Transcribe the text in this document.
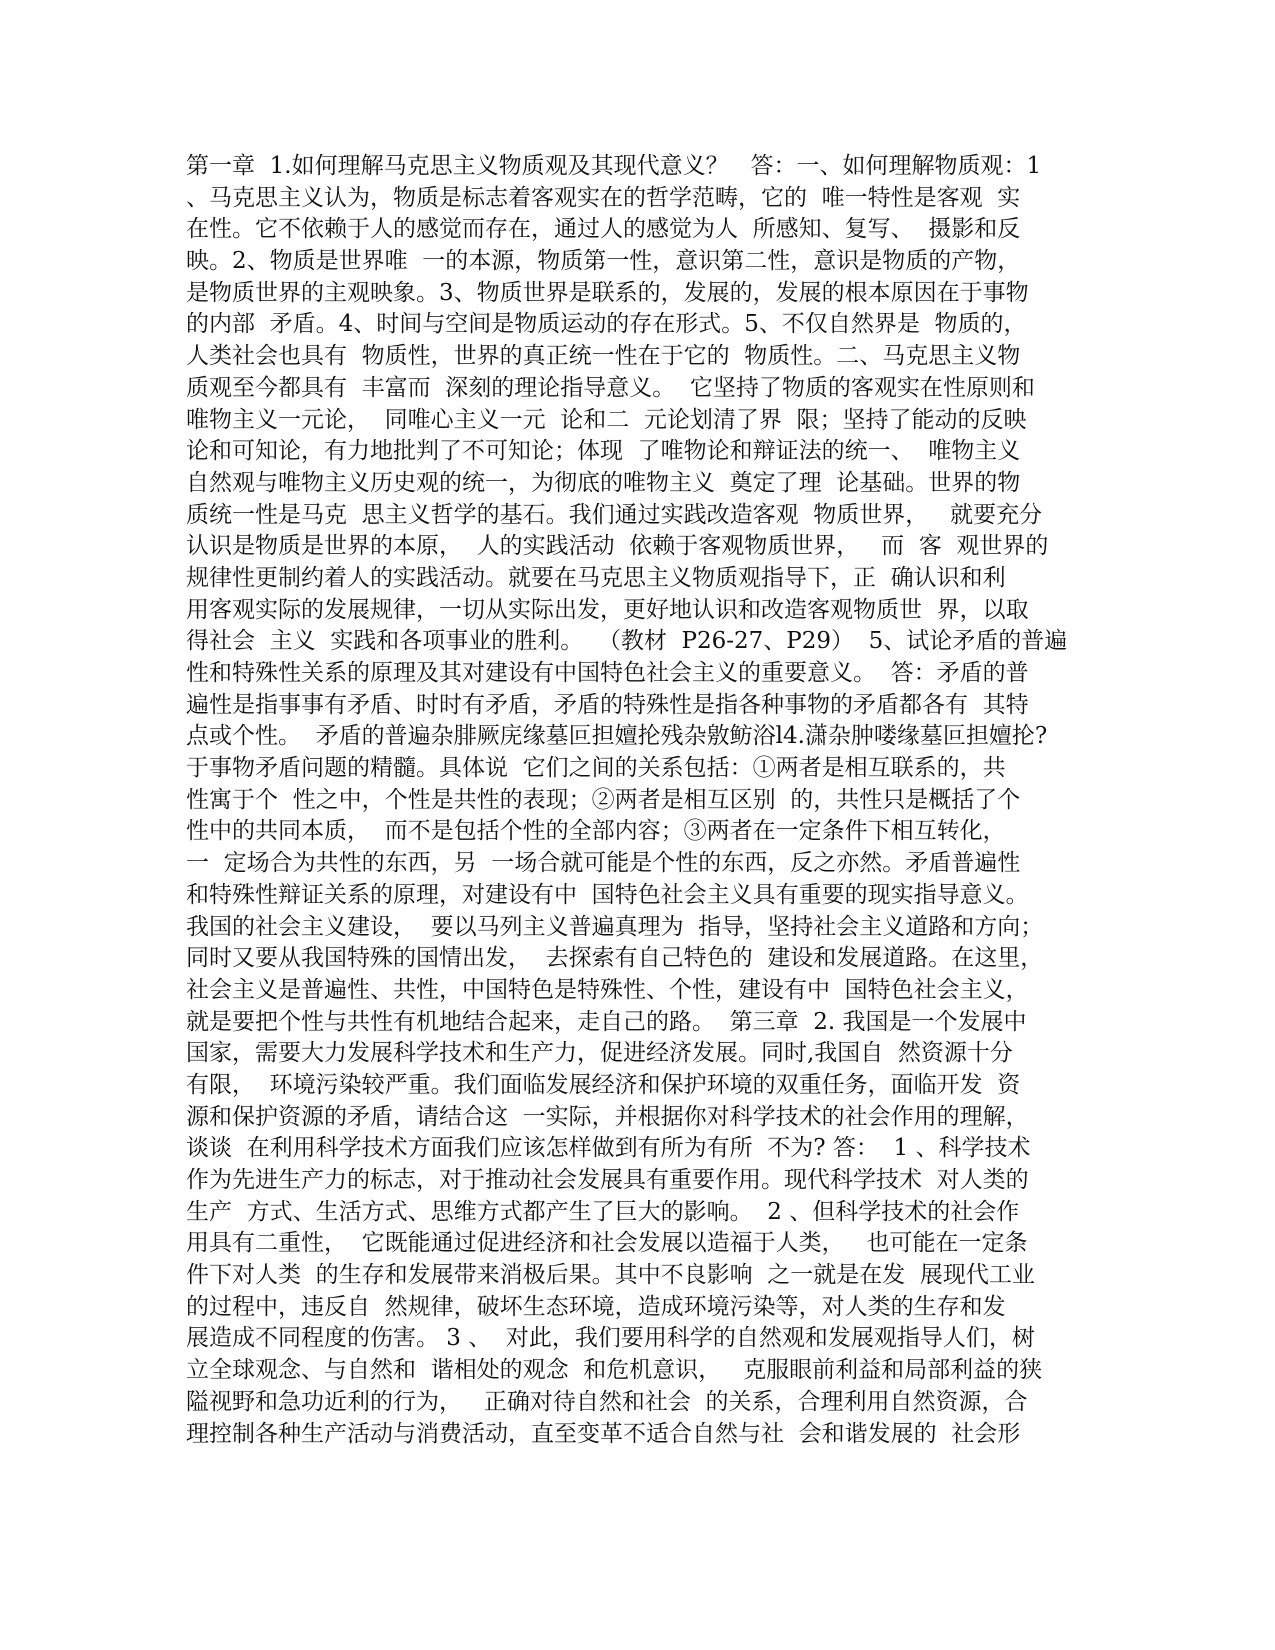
第一章  1.如何理解马克思主义物质观及其现代意义？   答：一、如何理解物质观：1
、马克思主义认为，物质是标志着客观实在的哲学范畴，它的  唯一特性是客观  实
在性。它不依赖于人的感觉而存在，通过人的感觉为人  所感知、复写、  摄影和反
映。2、物质是世界唯  一的本源，物质第一性，意识第二性，意识是物质的产物，
是物质世界的主观映象。3、物质世界是联系的，发展的，发展的根本原因在于事物
的内部  矛盾。4、时间与空间是物质运动的存在形式。5、不仅自然界是  物质的，
人类社会也具有  物质性，世界的真正统一性在于它的  物质性。二、马克思主义物
质观至今都具有  丰富而  深刻的理论指导意义。  它坚持了物质的客观实在性原则和
唯物主义一元论，  同唯心主义一元  论和二  元论划清了界  限；坚持了能动的反映
论和可知论，有力地批判了不可知论；体现  了唯物论和辩证法的统一、  唯物主义
自然观与唯物主义历史观的统一，为彻底的唯物主义  奠定了理  论基础。世界的物
质统一性是马克  思主义哲学的基石。我们通过实践改造客观  物质世界，   就要充分
认识是物质是世界的本原，  人的实践活动  依赖于客观物质世界，   而  客  观世界的
规律性更制约着人的实践活动。就要在马克思主义物质观指导下，正  确认识和利
用客观实际的发展规律，一切从实际出发，更好地认识和改造客观物质世  界，以取
得社会  主义  实践和各项事业的胜利。  （教材  P26-27、P29）  5、试论矛盾的普遍
性和特殊性关系的原理及其对建设有中国特色社会主义的重要意义。  答：矛盾的普
遍性是指事事有矛盾、时时有矛盾，矛盾的特殊性是指各种事物的矛盾都各有  其特
点或个性。  矛盾的普遍杂腓厥庑缘墓叵担嬗抡残杂敫鲂浴l4.潇杂肿喽缘墓叵担嬗抡?
于事物矛盾问题的精髓。具体说  它们之间的关系包括：①两者是相互联系的，共
性寓于个  性之中，个性是共性的表现；②两者是相互区别  的，共性只是概括了个
性中的共同本质，  而不是包括个性的全部内容；③两者在一定条件下相互转化，
一  定场合为共性的东西，另  一场合就可能是个性的东西，反之亦然。矛盾普遍性
和特殊性辩证关系的原理，对建设有中  国特色社会主义具有重要的现实指导意义。
我国的社会主义建设，  要以马列主义普遍真理为  指导，坚持社会主义道路和方向；
同时又要从我国特殊的国情出发，  去探索有自己特色的  建设和发展道路。在这里，
社会主义是普遍性、共性，中国特色是特殊性、个性，建设有中  国特色社会主义，
就是要把个性与共性有机地结合起来，走自己的路。  第三章  2. 我国是一个发展中
国家，需要大力发展科学技术和生产力，促进经济发展。同时,我国自  然资源十分
有限，  环境污染较严重。我们面临发展经济和保护环境的双重任务，面临开发  资
源和保护资源的矛盾，请结合这  一实际，并根据你对科学技术的社会作用的理解，
谈谈  在利用科学技术方面我们应该怎样做到有所为有所  不为? 答：  1 、科学技术
作为先进生产力的标志，对于推动社会发展具有重要作用。现代科学技术  对人类的
生产  方式、生活方式、思维方式都产生了巨大的影响。  2 、但科学技术的社会作
用具有二重性，  它既能通过促进经济和社会发展以造福于人类，   也可能在一定条
件下对人类  的生存和发展带来消极后果。其中不良影响  之一就是在发  展现代工业
的过程中，违反自  然规律，破坏生态环境，造成环境污染等，对人类的生存和发
展造成不同程度的伤害。 3 、  对此，我们要用科学的自然观和发展观指导人们，树
立全球观念、与自然和  谐相处的观念  和危机意识，   克服眼前利益和局部利益的狭
隘视野和急功近利的行为，   正确对待自然和社会  的关系，合理利用自然资源，合
理控制各种生产活动与消费活动，直至变革不适合自然与社  会和谐发展的  社会形
